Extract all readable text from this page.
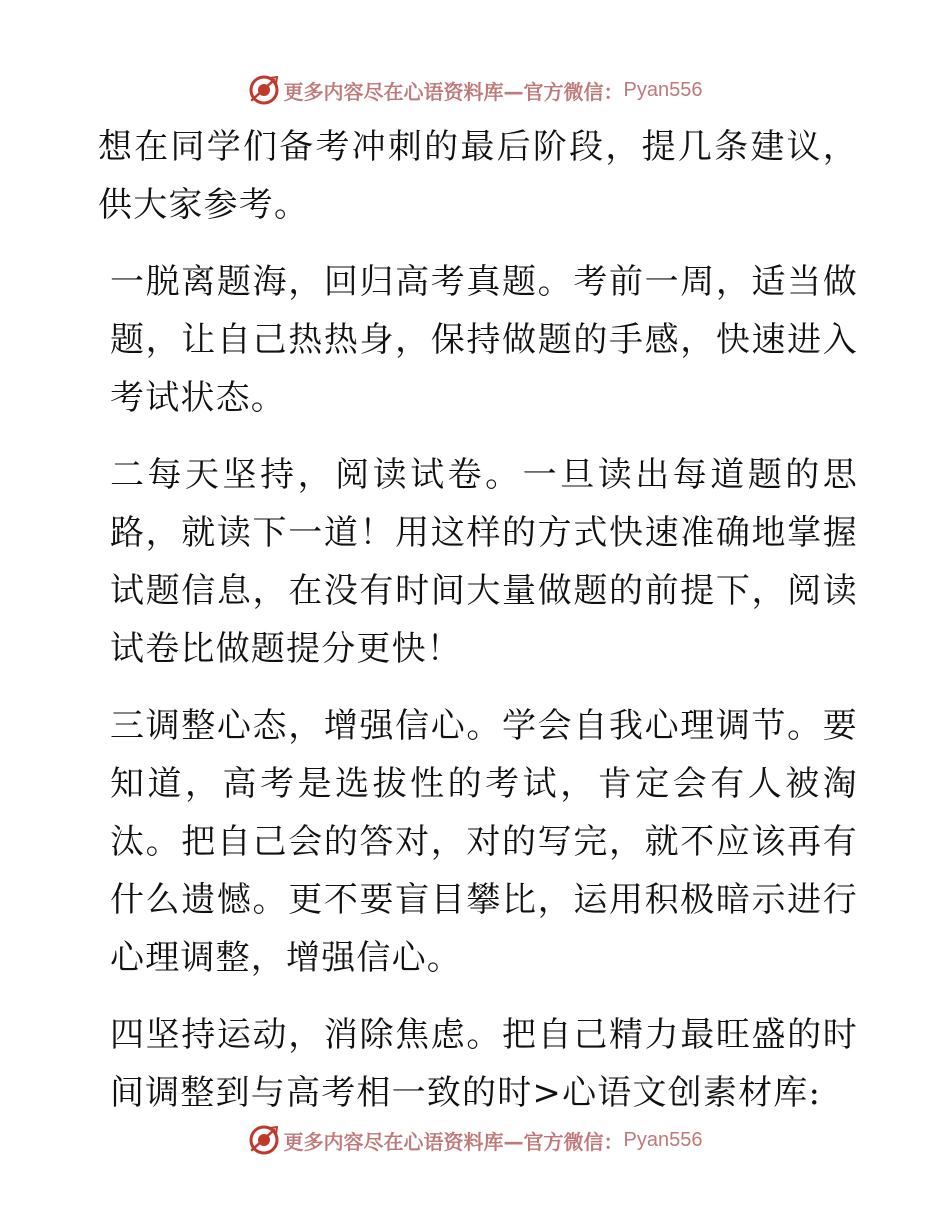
更多内容尽在心语资料库—官方微信： Pyan556

想在同学们备考冲刺的最后阶段，提几条建议，供大家参考。

一脱离题海，回归高考真题。考前一周，适当做题，让自己热热身，保持做题的手感，快速进入考试状态。

二每天坚持，阅读试卷。一旦读出每道题的思路，就读下一道！用这样的方式快速准确地掌握试题信息，在没有时间大量做题的前提下，阅读试卷比做题提分更快！

三调整心态，增强信心。学会自我心理调节。要知道，高考是选拔性的考试，肯定会有人被淘汰。把自己会的答对，对的写完，就不应该再有什么遗憾。更不要盲目攀比，运用积极暗示进行心理调整，增强信心。

四坚持运动，消除焦虑。把自己精力最旺盛的时间调整到与高考相一致的时>心语文创素材库:

更多内容尽在心语资料库—官方微信： Pyan556
